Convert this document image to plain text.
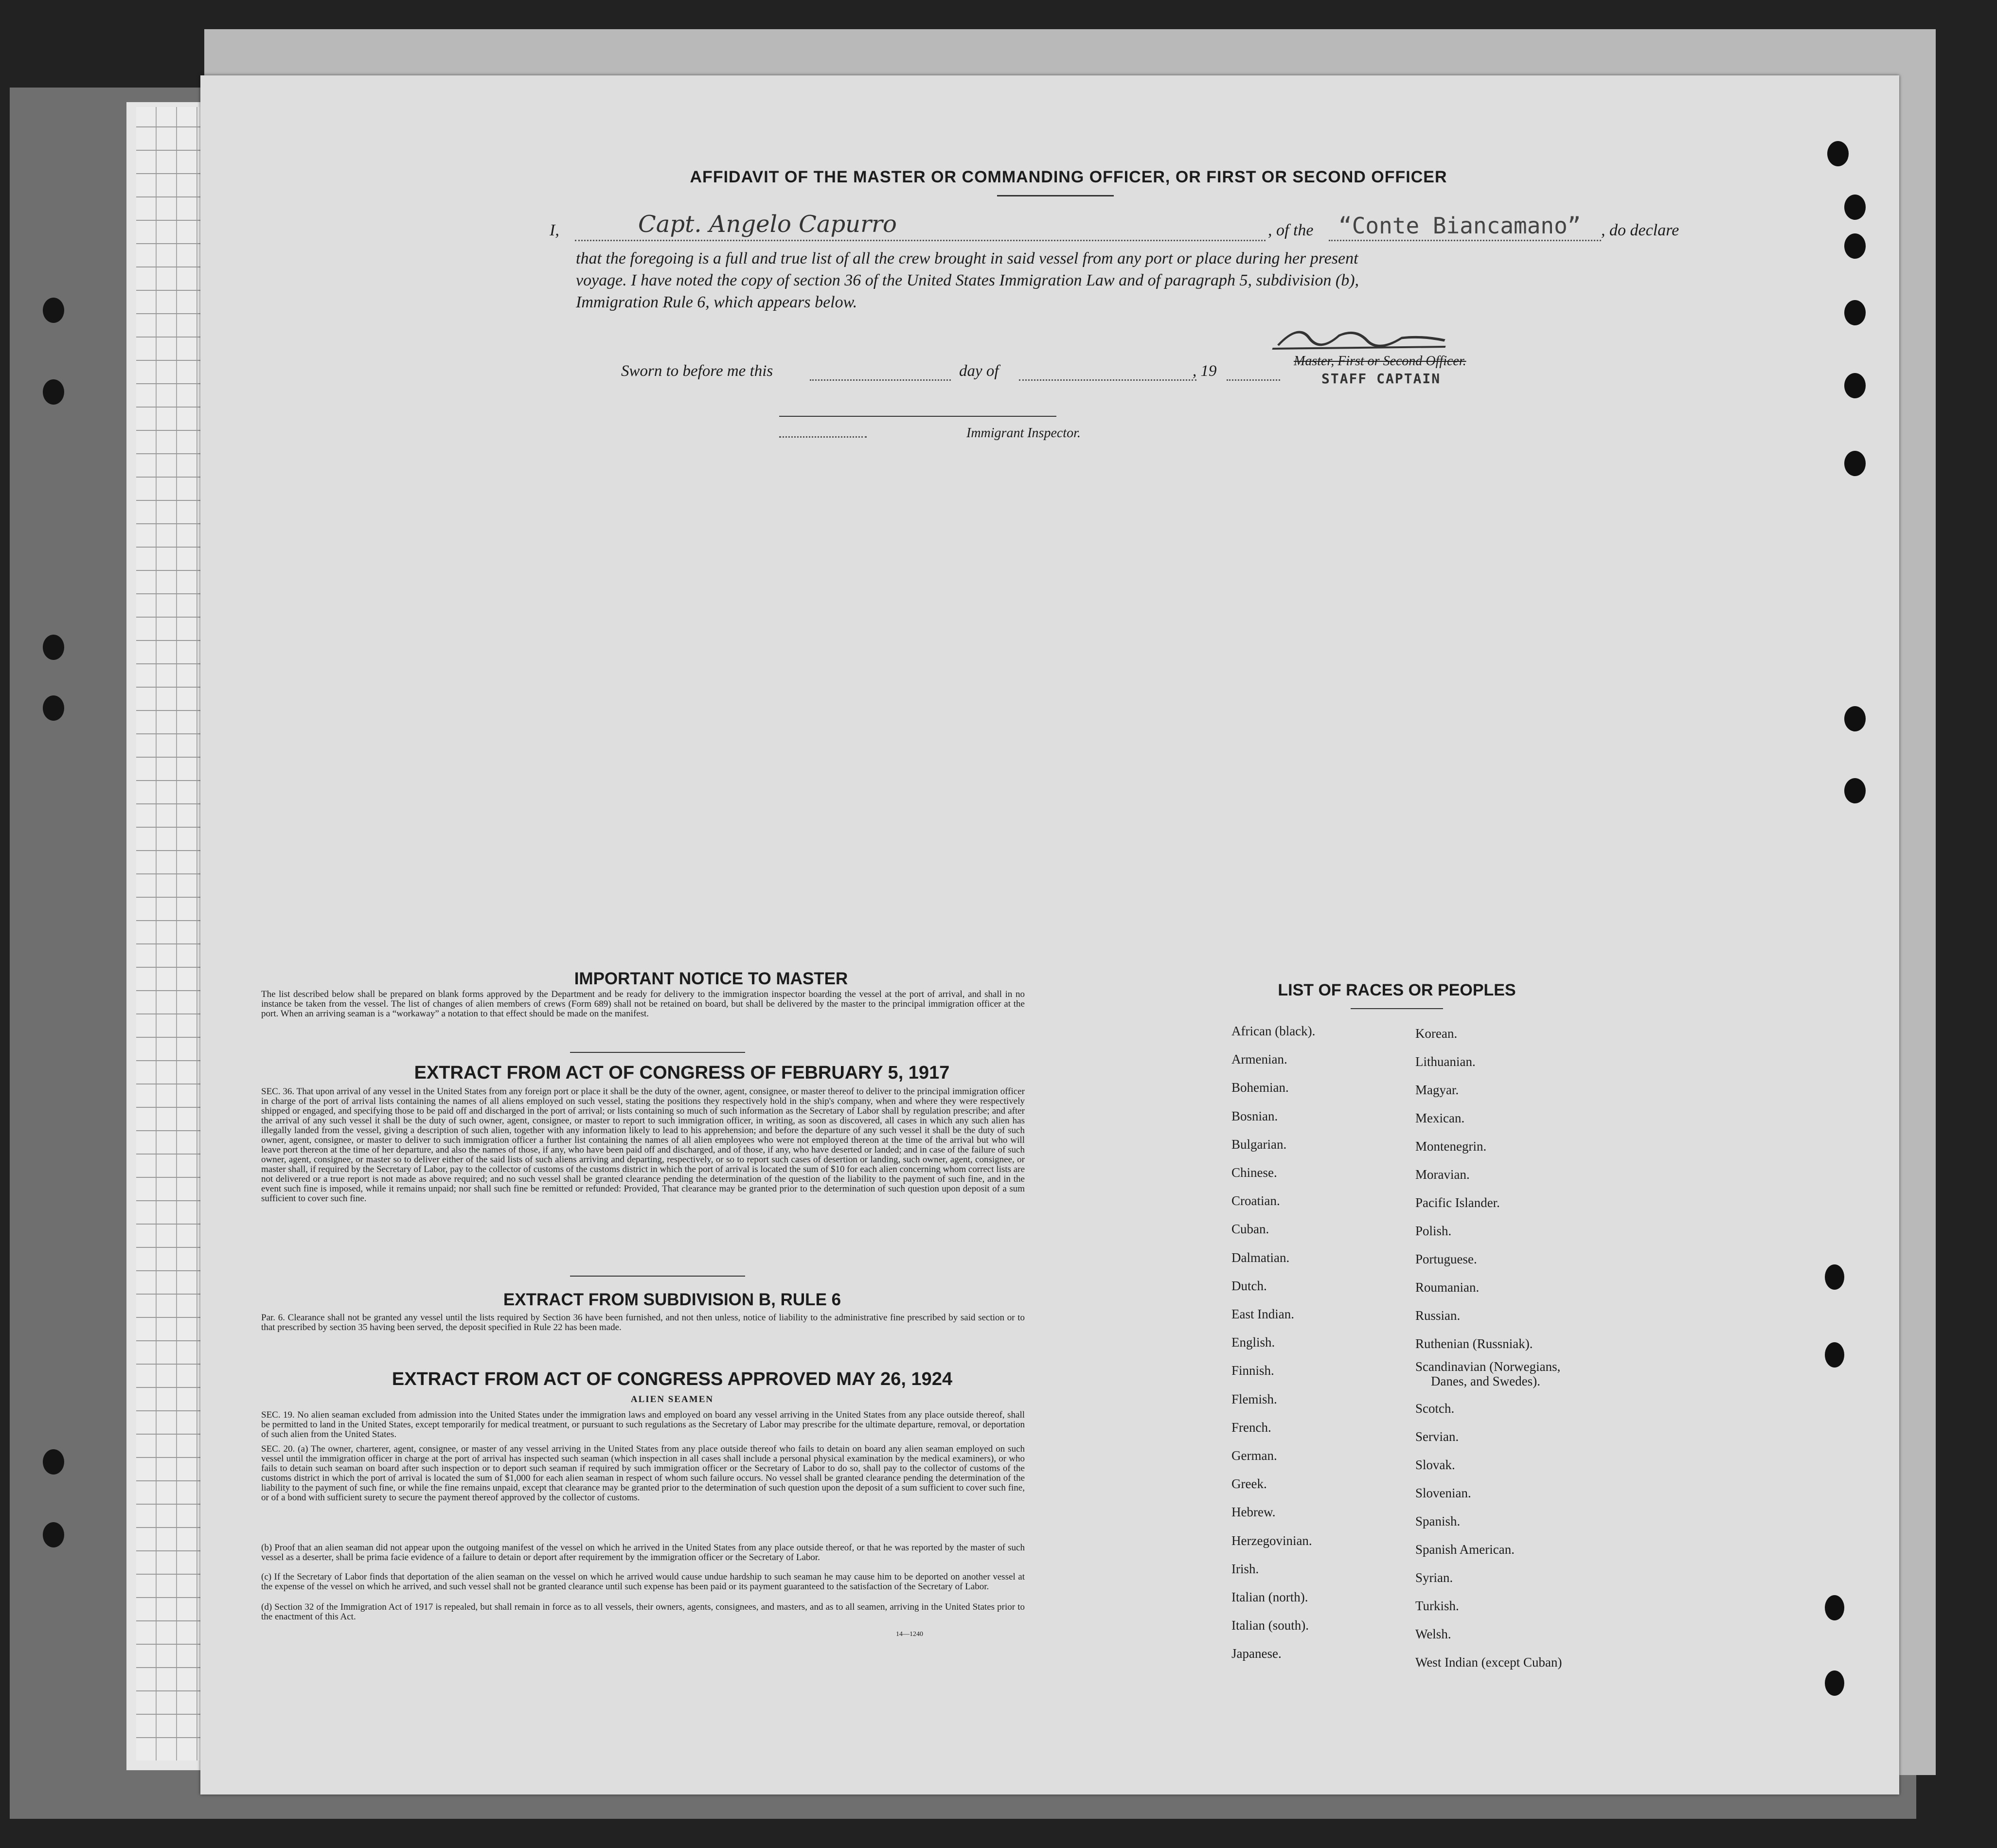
AFFIDAVIT OF THE MASTER OR COMMANDING OFFICER, OR FIRST OR SECOND OFFICER
I,	Capt. Angelo Capurro	, of the “Conte Biancamano” , do declare
that the foregoing is a full and true list of all the crew brought in said vessel from any port or place during her present
voyage. I have noted the copy of section 36 of the United States Immigration Law and of paragraph 5, subdivision (b),
Immigration Rule 6, which appears below.
Master, First or Second Officer.
STAFF CAPTAIN
Sworn to before me this	day of	, 19
Immigrant Inspector.
IMPORTANT NOTICE TO MASTER
The list described below shall be prepared on blank forms approved by the Department and be ready for delivery to the immigration inspector boarding the vessel at the port of arrival, and shall in no instance be taken from the vessel. The list of changes of alien members of crews (Form 689) shall not be retained on board, but shall be delivered by the master to the principal immigration officer at the port. When an arriving seaman is a “workaway” a notation to that effect should be made on the manifest.
EXTRACT FROM ACT OF CONGRESS OF FEBRUARY 5, 1917
SEC. 36. That upon arrival of any vessel in the United States from any foreign port or place it shall be the duty of the owner, agent, consignee, or master thereof to deliver to the principal immigration officer in charge of the port of arrival lists containing the names of all aliens employed on such vessel, stating the positions they respectively hold in the ship's company, when and where they were respectively shipped or engaged, and specifying those to be paid off and discharged in the port of arrival; or lists containing so much of such information as the Secretary of Labor shall by regulation prescribe; and after the arrival of any such vessel it shall be the duty of such owner, agent, consignee, or master to report to such immigration officer, in writing, as soon as discovered, all cases in which any such alien has illegally landed from the vessel, giving a description of such alien, together with any information likely to lead to his apprehension; and before the departure of any such vessel it shall be the duty of such owner, agent, consignee, or master to deliver to such immigration officer a further list containing the names of all alien employees who were not employed thereon at the time of the arrival but who will leave port thereon at the time of her departure, and also the names of those, if any, who have been paid off and discharged, and of those, if any, who have deserted or landed; and in case of the failure of such owner, agent, consignee, or master so to deliver either of the said lists of such aliens arriving and departing, respectively, or so to report such cases of desertion or landing, such owner, agent, consignee, or master shall, if required by the Secretary of Labor, pay to the collector of customs of the customs district in which the port of arrival is located the sum of $10 for each alien concerning whom correct lists are not delivered or a true report is not made as above required; and no such vessel shall be granted clearance pending the determination of the question of the liability to the payment of such fine, and in the event such fine is imposed, while it remains unpaid; nor shall such fine be remitted or refunded: Provided, That clearance may be granted prior to the determination of such question upon deposit of a sum sufficient to cover such fine.
EXTRACT FROM SUBDIVISION B, RULE 6
Par. 6. Clearance shall not be granted any vessel until the lists required by Section 36 have been furnished, and not then unless, notice of liability to the administrative fine prescribed by said section or to that prescribed by section 35 having been served, the deposit specified in Rule 22 has been made.
EXTRACT FROM ACT OF CONGRESS APPROVED MAY 26, 1924
ALIEN SEAMEN
SEC. 19. No alien seaman excluded from admission into the United States under the immigration laws and employed on board any vessel arriving in the United States from any place outside thereof, shall be permitted to land in the United States, except temporarily for medical treatment, or pursuant to such regulations as the Secretary of Labor may prescribe for the ultimate departure, removal, or deportation of such alien from the United States.
SEC. 20. (a) The owner, charterer, agent, consignee, or master of any vessel arriving in the United States from any place outside thereof who fails to detain on board any alien seaman employed on such vessel until the immigration officer in charge at the port of arrival has inspected such seaman (which inspection in all cases shall include a personal physical examination by the medical examiners), or who fails to detain such seaman on board after such inspection or to deport such seaman if required by such immigration officer or the Secretary of Labor to do so, shall pay to the collector of customs of the customs district in which the port of arrival is located the sum of $1,000 for each alien seaman in respect of whom such failure occurs. No vessel shall be granted clearance pending the determination of the liability to the payment of such fine, or while the fine remains unpaid, except that clearance may be granted prior to the determination of such question upon the deposit of a sum sufficient to cover such fine, or of a bond with sufficient surety to secure the payment thereof approved by the collector of customs.
(b) Proof that an alien seaman did not appear upon the outgoing manifest of the vessel on which he arrived in the United States from any place outside thereof, or that he was reported by the master of such vessel as a deserter, shall be prima facie evidence of a failure to detain or deport after requirement by the immigration officer or the Secretary of Labor.
(c) If the Secretary of Labor finds that deportation of the alien seaman on the vessel on which he arrived would cause undue hardship to such seaman he may cause him to be deported on another vessel at the expense of the vessel on which he arrived, and such vessel shall not be granted clearance until such expense has been paid or its payment guaranteed to the satisfaction of the Secretary of Labor.
(d) Section 32 of the Immigration Act of 1917 is repealed, but shall remain in force as to all vessels, their owners, agents, consignees, and masters, and as to all seamen, arriving in the United States prior to the enactment of this Act.
14—1240
LIST OF RACES OR PEOPLES
African (black).
Armenian.
Bohemian.
Bosnian.
Bulgarian.
Chinese.
Croatian.
Cuban.
Dalmatian.
Dutch.
East Indian.
English.
Finnish.
Flemish.
French.
German.
Greek.
Hebrew.
Herzegovinian.
Irish.
Italian (north).
Italian (south).
Japanese.
Korean.
Lithuanian.
Magyar.
Mexican.
Montenegrin.
Moravian.
Pacific Islander.
Polish.
Portuguese.
Roumanian.
Russian.
Ruthenian (Russniak).
Scandinavian (Norwegians,
Danes, and Swedes).
Scotch.
Servian.
Slovak.
Slovenian.
Spanish.
Spanish American.
Syrian.
Turkish.
Welsh.
West Indian (except Cuban)
